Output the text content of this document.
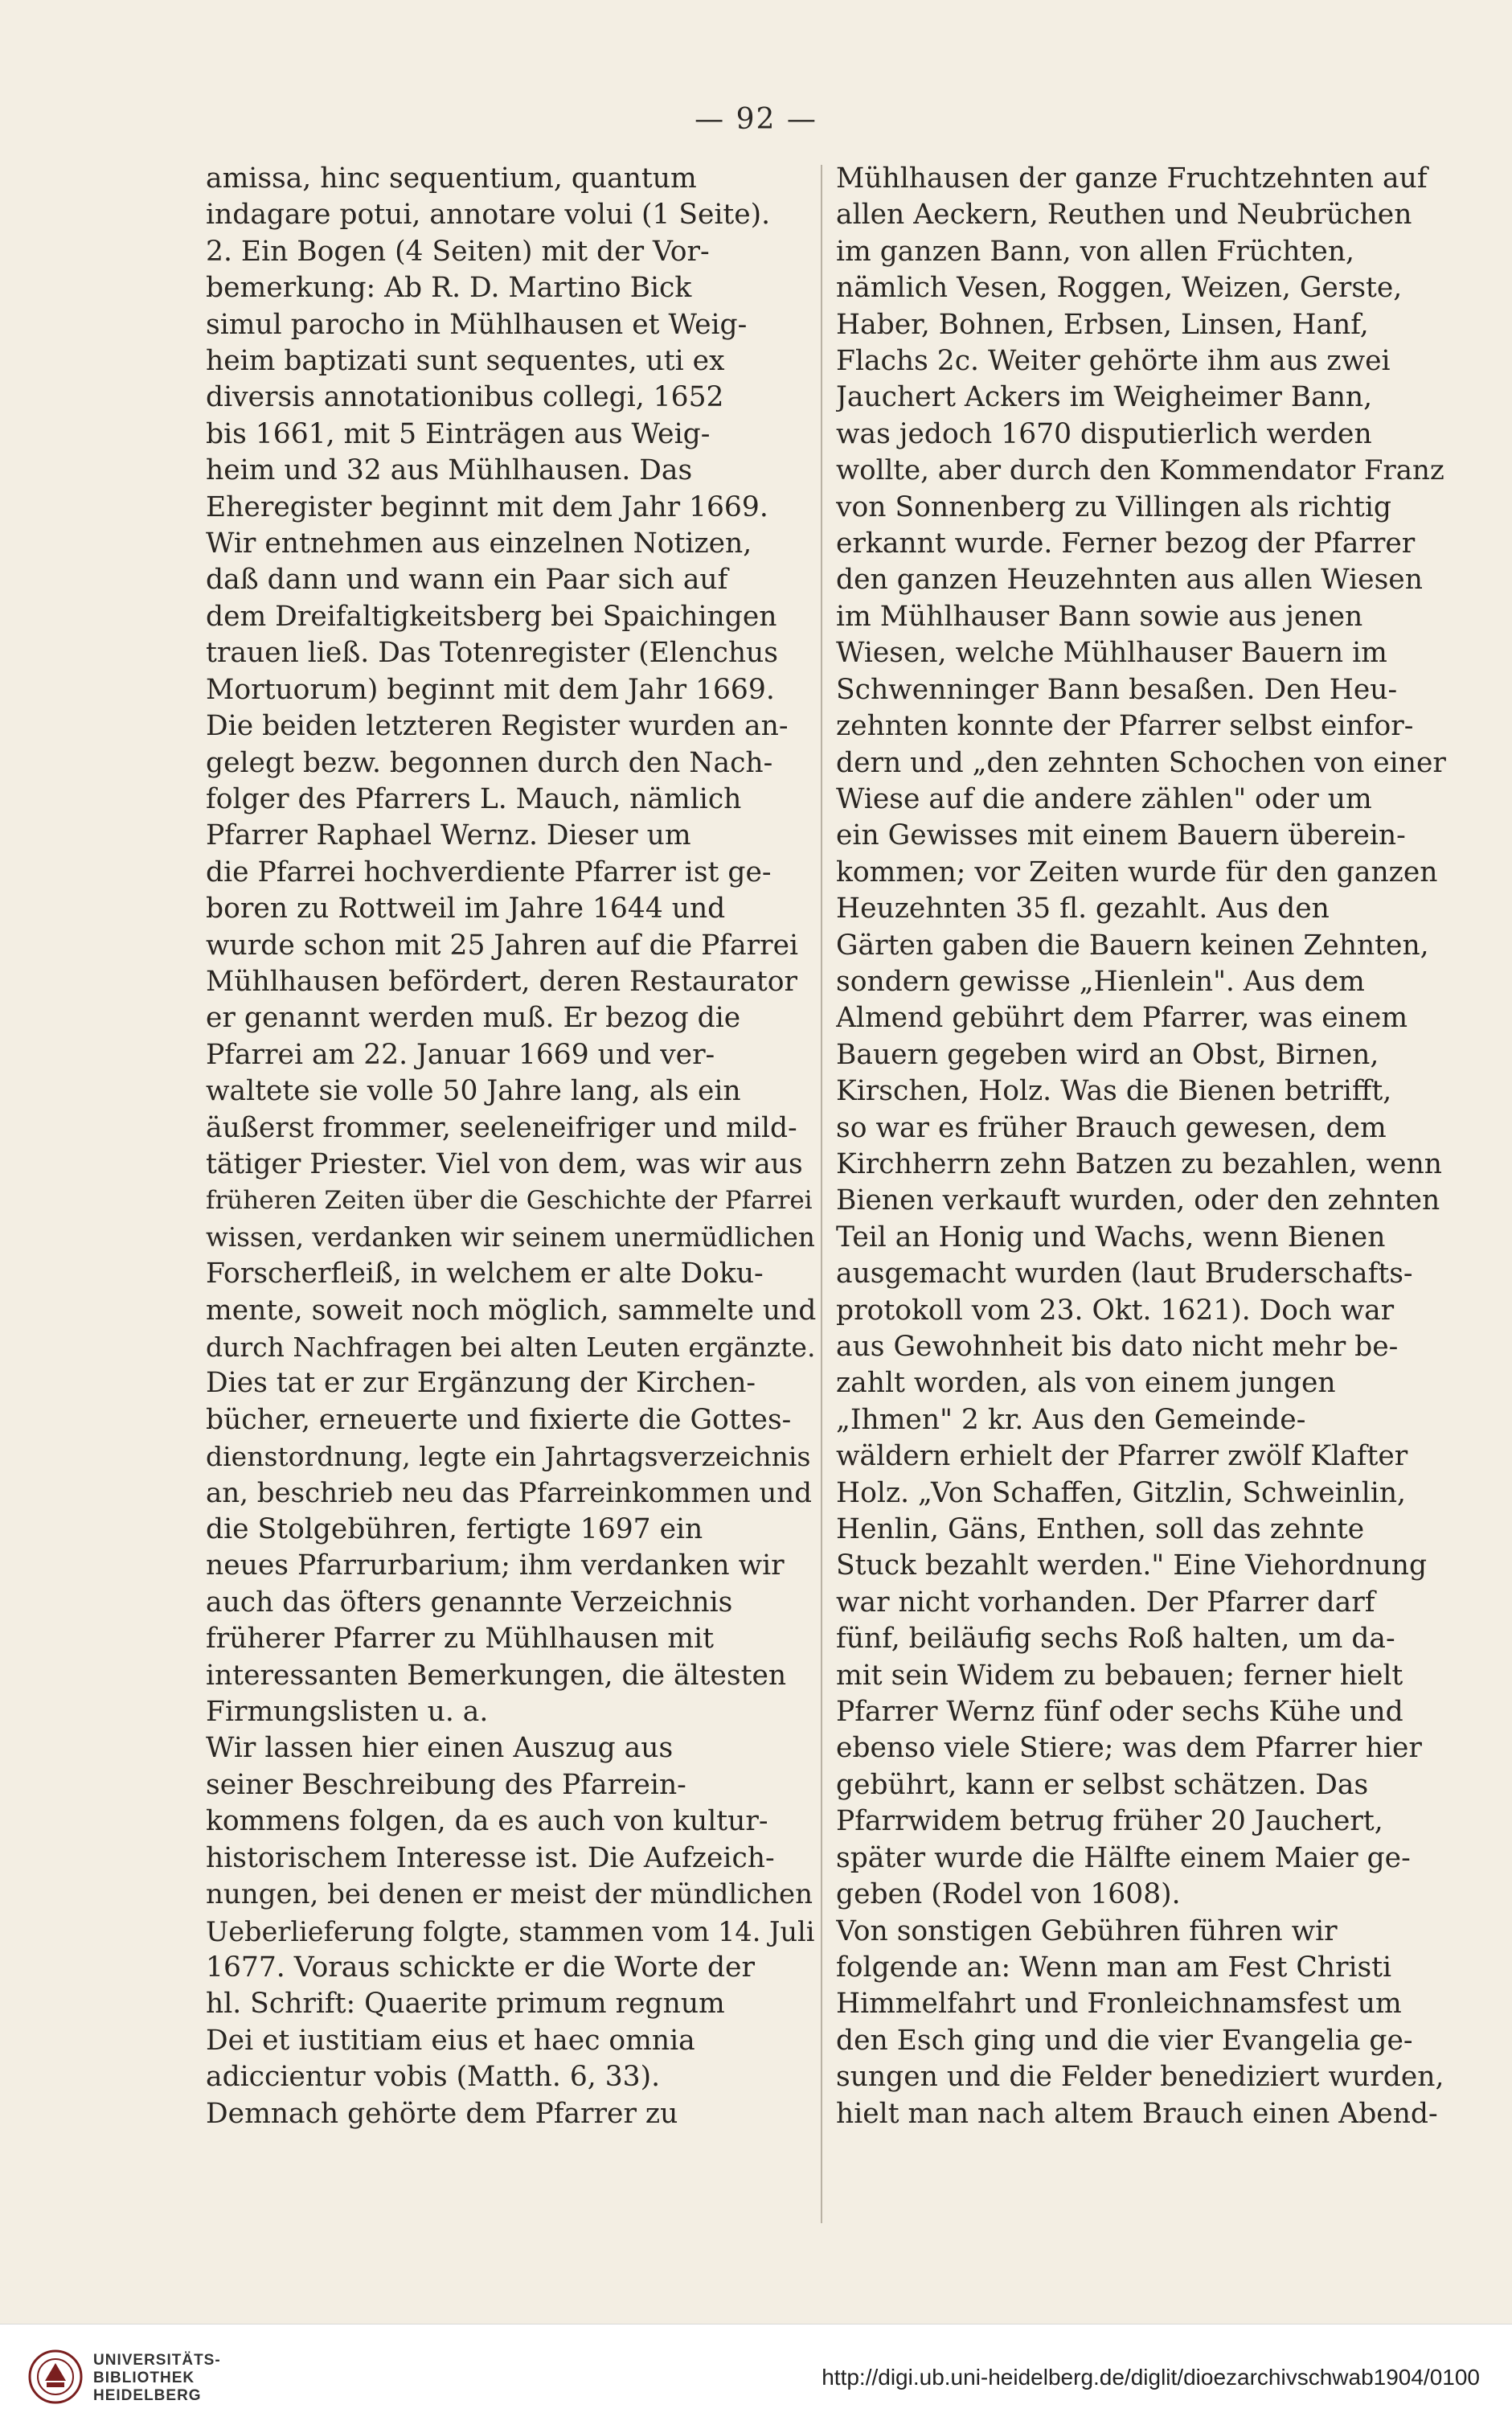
— 92 —
amissa, hinc sequentium, quantum
indagare potui, annotare volui (1 Seite).
2. Ein Bogen (4 Seiten) mit der Vor-
bemerkung: Ab R. D. Martino Bick
simul parocho in Mühlhausen et Weig-
heim baptizati sunt sequentes, uti ex
diversis annotationibus collegi, 1652
bis 1661, mit 5 Einträgen aus Weig-
heim und 32 aus Mühlhausen. Das
Eheregister beginnt mit dem Jahr 1669.
Wir entnehmen aus einzelnen Notizen,
daß dann und wann ein Paar sich auf
dem Dreifaltigkeitsberg bei Spaichingen
trauen ließ. Das Totenregister (Elenchus
Mortuorum) beginnt mit dem Jahr 1669.
Die beiden letzteren Register wurden an-
gelegt bezw. begonnen durch den Nach-
folger des Pfarrers L. Mauch, nämlich
Pfarrer Raphael Wernz. Dieser um
die Pfarrei hochverdiente Pfarrer ist ge-
boren zu Rottweil im Jahre 1644 und
wurde schon mit 25 Jahren auf die Pfarrei
Mühlhausen befördert, deren Restaurator
er genannt werden muß. Er bezog die
Pfarrei am 22. Januar 1669 und ver-
waltete sie volle 50 Jahre lang, als ein
äußerst frommer, seeleneifriger und mild-
tätiger Priester. Viel von dem, was wir aus
früheren Zeiten über die Geschichte der Pfarrei
wissen, verdanken wir seinem unermüdlichen
Forscherfleiß, in welchem er alte Doku-
mente, soweit noch möglich, sammelte und
durch Nachfragen bei alten Leuten ergänzte.
Dies tat er zur Ergänzung der Kirchen-
bücher, erneuerte und fixierte die Gottes-
dienstordnung, legte ein Jahrtagsverzeichnis
an, beschrieb neu das Pfarreinkommen und
die Stolgebühren, fertigte 1697 ein
neues Pfarrurbarium; ihm verdanken wir
auch das öfters genannte Verzeichnis
früherer Pfarrer zu Mühlhausen mit
interessanten Bemerkungen, die ältesten
Firmungslisten u. a.
Wir lassen hier einen Auszug aus
seiner Beschreibung des Pfarrein-
kommens folgen, da es auch von kultur-
historischem Interesse ist. Die Aufzeich-
nungen, bei denen er meist der mündlichen
Ueberlieferung folgte, stammen vom 14. Juli
1677. Voraus schickte er die Worte der
hl. Schrift: Quaerite primum regnum
Dei et iustitiam eius et haec omnia
adiccientur vobis (Matth. 6, 33).
Demnach gehörte dem Pfarrer zu
Mühlhausen der ganze Fruchtzehnten auf
allen Aeckern, Reuthen und Neubrüchen
im ganzen Bann, von allen Früchten,
nämlich Vesen, Roggen, Weizen, Gerste,
Haber, Bohnen, Erbsen, Linsen, Hanf,
Flachs 2c. Weiter gehörte ihm aus zwei
Jauchert Ackers im Weigheimer Bann,
was jedoch 1670 disputierlich werden
wollte, aber durch den Kommendator Franz
von Sonnenberg zu Villingen als richtig
erkannt wurde. Ferner bezog der Pfarrer
den ganzen Heuzehnten aus allen Wiesen
im Mühlhauser Bann sowie aus jenen
Wiesen, welche Mühlhauser Bauern im
Schwenninger Bann besaßen. Den Heu-
zehnten konnte der Pfarrer selbst einfor-
dern und „den zehnten Schochen von einer
Wiese auf die andere zählen" oder um
ein Gewisses mit einem Bauern überein-
kommen; vor Zeiten wurde für den ganzen
Heuzehnten 35 fl. gezahlt. Aus den
Gärten gaben die Bauern keinen Zehnten,
sondern gewisse „Hienlein". Aus dem
Almend gebührt dem Pfarrer, was einem
Bauern gegeben wird an Obst, Birnen,
Kirschen, Holz. Was die Bienen betrifft,
so war es früher Brauch gewesen, dem
Kirchherrn zehn Batzen zu bezahlen, wenn
Bienen verkauft wurden, oder den zehnten
Teil an Honig und Wachs, wenn Bienen
ausgemacht wurden (laut Bruderschafts-
protokoll vom 23. Okt. 1621). Doch war
aus Gewohnheit bis dato nicht mehr be-
zahlt worden, als von einem jungen
„Ihmen" 2 kr. Aus den Gemeinde-
wäldern erhielt der Pfarrer zwölf Klafter
Holz. „Von Schaffen, Gitzlin, Schweinlin,
Henlin, Gäns, Enthen, soll das zehnte
Stuck bezahlt werden." Eine Viehordnung
war nicht vorhanden. Der Pfarrer darf
fünf, beiläufig sechs Roß halten, um da-
mit sein Widem zu bebauen; ferner hielt
Pfarrer Wernz fünf oder sechs Kühe und
ebenso viele Stiere; was dem Pfarrer hier
gebührt, kann er selbst schätzen. Das
Pfarrwidem betrug früher 20 Jauchert,
später wurde die Hälfte einem Maier ge-
geben (Rodel von 1608).
Von sonstigen Gebühren führen wir
folgende an: Wenn man am Fest Christi
Himmelfahrt und Fronleichnamsfest um
den Esch ging und die vier Evangelia ge-
sungen und die Felder benediziert wurden,
hielt man nach altem Brauch einen Abend-
UNIVERSITÄTS-
BIBLIOTHEK
HEIDELBERG
http://digi.ub.uni-heidelberg.de/diglit/dioezarchivschwab1904/0100
